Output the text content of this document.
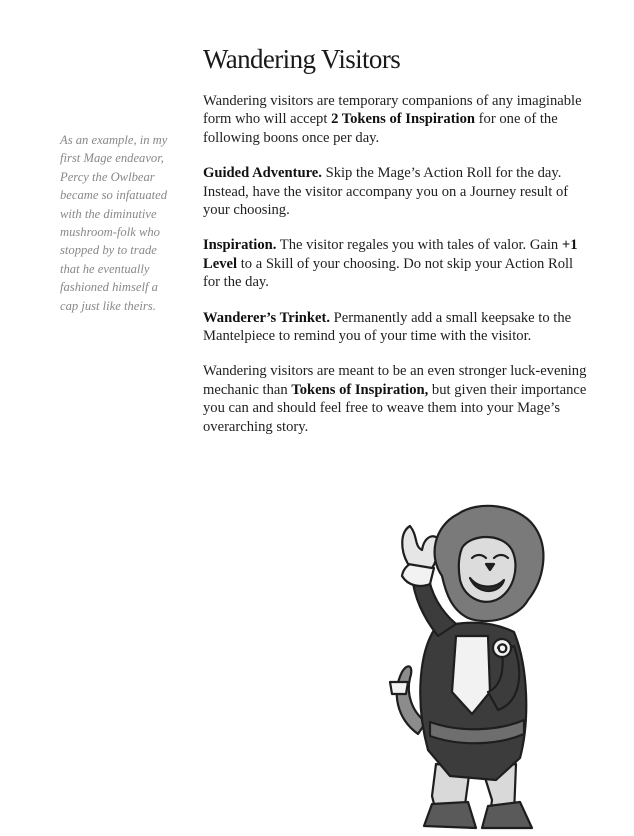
Wandering Visitors

Wandering visitors are temporary companions of any imaginable form who will accept 2 Tokens of Inspiration for one of the following boons once per day.

Guided Adventure. Skip the Mage’s Action Roll for the day. Instead, have the visitor accompany you on a Journey result of your choosing.

Inspiration. The visitor regales you with tales of valor. Gain +1 Level to a Skill of your choosing. Do not skip your Action Roll for the day.

Wanderer’s Trinket. Permanently add a small keepsake to the Mantelpiece to remind you of your time with the visitor.

Wandering visitors are meant to be an even stronger luck-evening mechanic than Tokens of Inspiration, but given their importance you can and should feel free to weave them into your Mage’s overarching story.

As an example, in my first Mage endeavor, Percy the Owlbear became so infatuated with the diminutive mushroom-folk who stopped by to trade that he eventually fashioned himself a cap just like theirs.
